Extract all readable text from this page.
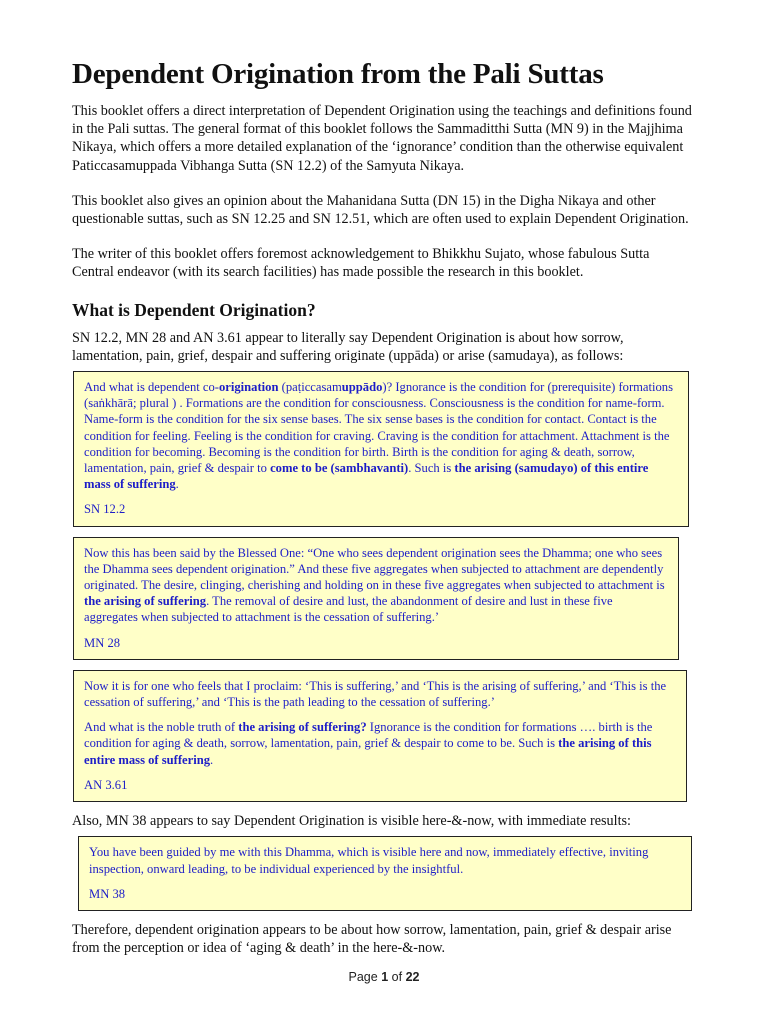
Dependent Origination from the Pali Suttas

This booklet offers a direct interpretation of Dependent Origination using the teachings and definitions found in the Pali suttas. The general format of this booklet follows the Sammaditthi Sutta (MN 9) in the Majjhima Nikaya, which offers a more detailed explanation of the ‘ignorance’ condition than the otherwise equivalent Paticcasamuppada Vibhanga Sutta (SN 12.2) of the Samyuta Nikaya.

This booklet also gives an opinion about the Mahanidana Sutta (DN 15) in the Digha Nikaya and other questionable suttas, such as SN 12.25 and SN 12.51, which are often used to explain Dependent Origination.

The writer of this booklet offers foremost acknowledgement to Bhikkhu Sujato, whose fabulous Sutta Central endeavor (with its search facilities) has made possible the research in this booklet.

What is Dependent Origination?

SN 12.2, MN 28 and AN 3.61 appear to literally say Dependent Origination is about how sorrow, lamentation, pain, grief, despair and suffering originate (uppāda) or arise (samudaya), as follows:

And what is dependent co-origination (paṭiccasamuppādo)? Ignorance is the condition for (prerequisite) formations (saṅkhārā; plural ) . Formations are the condition for consciousness. Consciousness is the condition for name-form. Name-form is the condition for the six sense bases. The six sense bases is the condition for contact. Contact is the condition for feeling. Feeling is the condition for craving. Craving is the condition for attachment. Attachment is the condition for becoming. Becoming is the condition for birth. Birth is the condition for aging & death, sorrow, lamentation, pain, grief & despair to come to be (sambhavanti). Such is the arising (samudayo) of this entire mass of suffering.

SN 12.2

Now this has been said by the Blessed One: “One who sees dependent origination sees the Dhamma; one who sees the Dhamma sees dependent origination.” And these five aggregates when subjected to attachment are dependently originated. The desire, clinging, cherishing and holding on in these five aggregates when subjected to attachment is the arising of suffering. The removal of desire and lust, the abandonment of desire and lust in these five aggregates when subjected to attachment is the cessation of suffering.’

MN 28

Now it is for one who feels that I proclaim: ‘This is suffering,’ and ‘This is the arising of suffering,’ and ‘This is the cessation of suffering,’ and ‘This is the path leading to the cessation of suffering.’

And what is the noble truth of the arising of suffering? Ignorance is the condition for formations …. birth is the condition for aging & death, sorrow, lamentation, pain, grief & despair to come to be. Such is the arising of this entire mass of suffering.

AN 3.61

Also, MN 38 appears to say Dependent Origination is visible here-&-now, with immediate results:

You have been guided by me with this Dhamma, which is visible here and now, immediately effective, inviting inspection, onward leading, to be individual experienced by the insightful.

MN 38

Therefore, dependent origination appears to be about how sorrow, lamentation, pain, grief & despair arise from the perception or idea of ‘aging & death’ in the here-&-now.

Page 1 of 22
